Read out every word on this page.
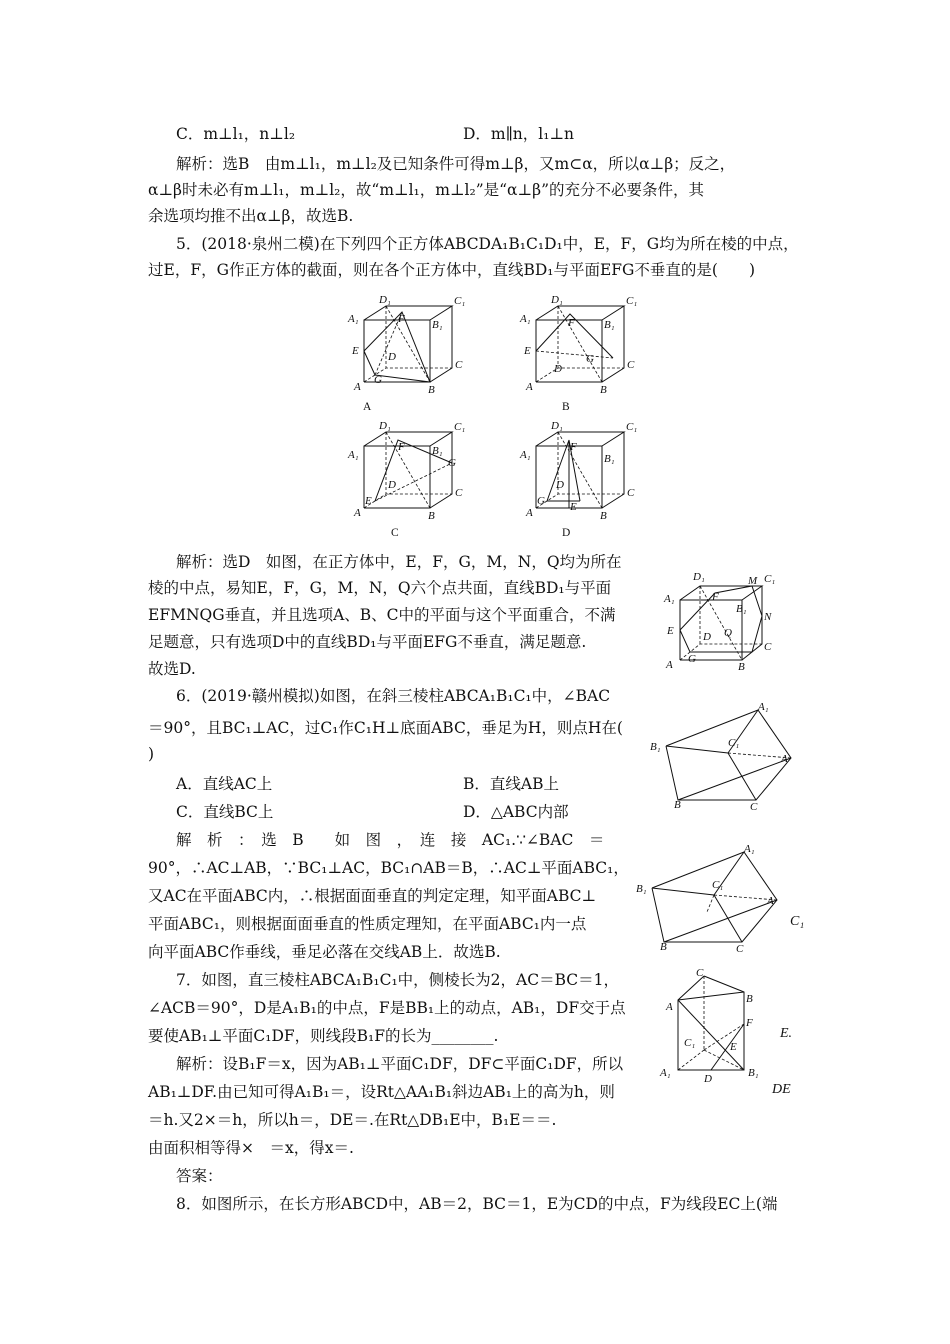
C．m⊥l₁，n⊥l₂	D．m∥n，l₁⊥n
解析：选B　由m⊥l₁，m⊥l₂及已知条件可得m⊥β，又m⊂α，所以α⊥β；反之，
α⊥β时未必有m⊥l₁，m⊥l₂，故“m⊥l₁，m⊥l₂”是“α⊥β”的充分不必要条件，其
余选项均推不出α⊥β，故选B.
5．(2018·泉州二模)在下列四个正方体ABCDA₁B₁C₁D₁中，E，F，G均为所在棱的中点，
过E，F，G作正方体的截面，则在各个正方体中，直线BD₁与平面EFG不垂直的是(　　)
D₁	C₁
A₁	B₁
F
E	D
C
G
A	B
A
D₁	C₁
A₁	B₁
F
E
G
D	C
A	B
B
D₁	C₁
A₁	B₁
F
G
D
C
E
A	B
C
D₁	C₁
A₁	B₁
F
D
C
G E
A	B
D
解析：选D　如图，在正方体中，E，F，G，M，N，Q均为所在
棱的中点，易知E，F，G，M，N，Q六个点共面，直线BD₁与平面
EFMNQG垂直，并且选项A、B、C中的平面与这个平面重合，不满
足题意，只有选项D中的直线BD₁与平面EFG不垂直，满足题意.
故选D.
D₁	M C₁
A₁
B₁
F
N
E	D Q
C
G
A	B
6．(2019·赣州模拟)如图，在斜三棱柱ABCA₁B₁C₁中，∠BAC
＝90°，且BC₁⊥AC，过C₁作C₁H⊥底面ABC，垂足为H，则点H在(
)
A．直线AC上	B．直线AB上
C．直线BC上	D．△ABC内部
A₁
B₁	C₁
A
B	C
解　析　：　选　B　　如　图　，　连　接　AC₁.∵∠BAC　＝
90°，∴AC⊥AB，∵BC₁⊥AC，BC₁∩AB＝B，∴AC⊥平面ABC₁，
又AC在平面ABC内，∴根据面面垂直的判定定理，知平面ABC⊥
平面ABC₁，则根据面面垂直的性质定理知，在平面ABC₁内一点
向平面ABC作垂线，垂足必落在交线AB上．故选B.
A₁
B₁	C₁
A
B	C
C₁
7．如图，直三棱柱ABCA₁B₁C₁中，侧棱长为2，AC＝BC＝1，
∠ACB＝90°，D是A₁B₁的中点，F是BB₁上的动点，AB₁，DF交于点
要使AB₁⊥平面C₁DF，则线段B₁F的长为________.
解析：设B₁F＝x，因为AB₁⊥平面C₁DF，DF⊂平面C₁DF，所以
AB₁⊥DF.由已知可得A₁B₁＝，设Rt△AA₁B₁斜边AB₁上的高为h，则
＝h.又2×＝h，所以h＝，DE＝.在Rt△DB₁E中，B₁E＝＝.
由面积相等得×　＝x，得x＝.
答案：
8．如图所示，在长方形ABCD中，AB＝2，BC＝1，E为CD的中点，F为线段EC上(端
C
A
B
F
C₁	E
A₁	D	B₁
E.
DE
